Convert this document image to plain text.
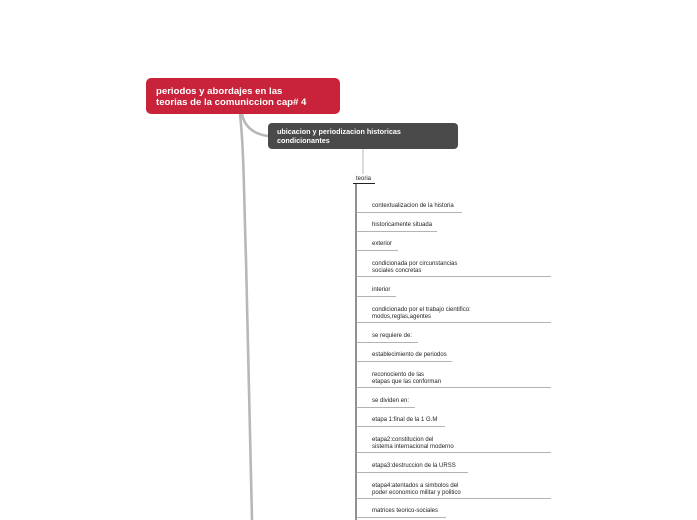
periodos y abordajes en las
teorias de la comuniccion cap# 4
ubicacion y periodizacion historicas
condicionantes
teoria
contextualizacion de la historia
historicamente situada
exterior
condicionada por circunstancias
sociales concretas
interior
condicionado por el trabajo cientifico:
modos,reglas,agentes
se requiere de:
establecimiento de periodos
reconociento de las
etapas que las conforman
se dividen en:
etapa 1:final de la 1 G.M
etapa2:constitucion del
sistema internacional moderno
etapa3:destruccion de la URSS
etapa4:atentados a simbolos del
poder economico militar y politico
matrices teorico-sociales
